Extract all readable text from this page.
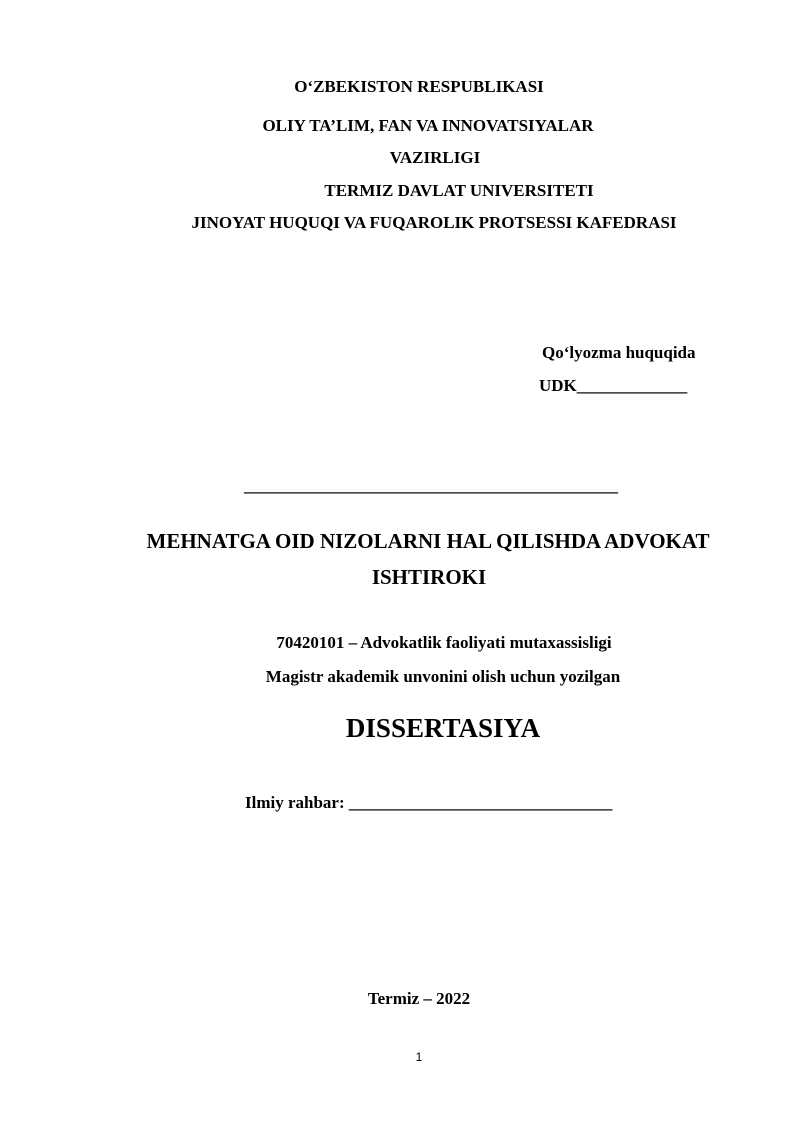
O‘ZBEKISTON RESPUBLIKASI
OLIY TA’LIM, FAN VA INNOVATSIYALAR
VAZIRLIGI
TERMIZ DAVLAT UNIVERSITETI
JINOYAT HUQUQI VA FUQAROLIK PROTSESSI KAFEDRASI
Qo‘lyozma huquqida
UDK_____________
____________________________________________
MEHNATGA OID NIZOLARNI HAL QILISHDA ADVOKAT
ISHTIROKI
70420101 – Advokatlik faoliyati mutaxassisligi
Magistr akademik unvonini olish uchun yozilgan
DISSERTASIYA
Ilmiy rahbar: _______________________________
Termiz – 2022
1
